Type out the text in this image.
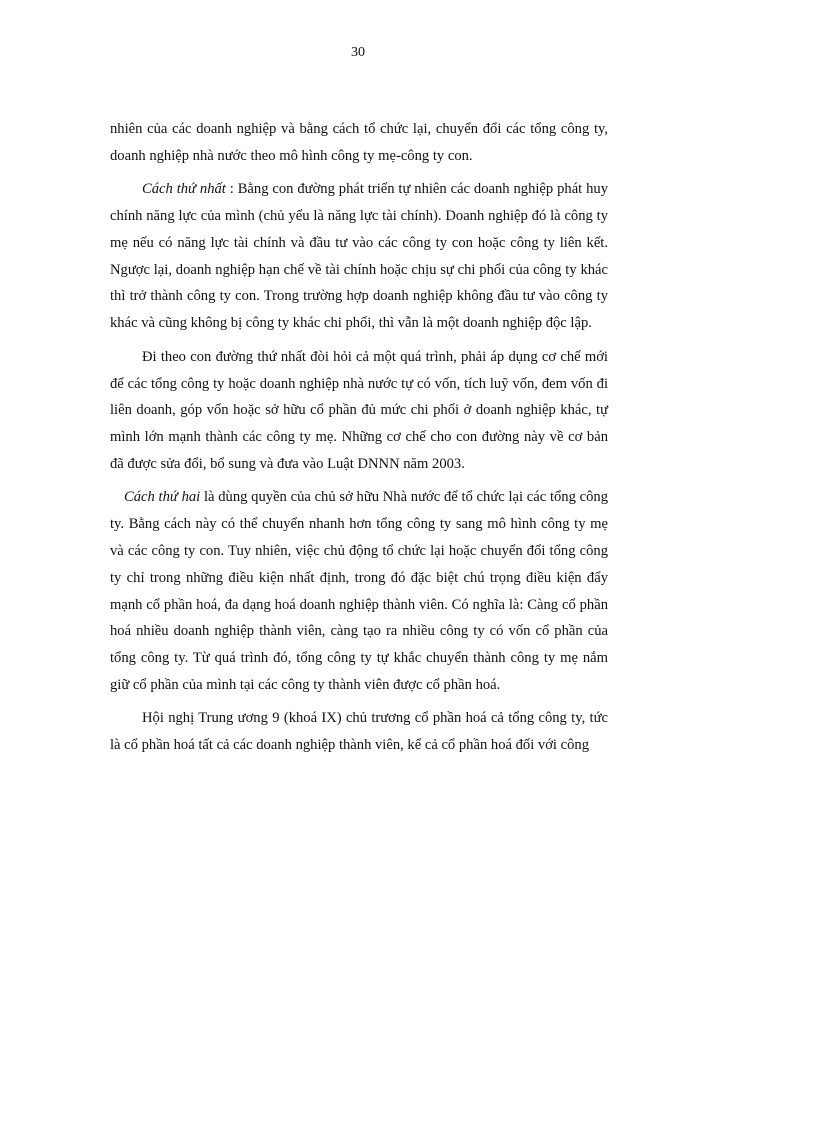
30

nhiên của các doanh nghiệp và bằng cách tổ chức lại, chuyển đổi các tổng công ty, doanh nghiệp nhà nước theo mô hình công ty mẹ-công ty con.

Cách thứ nhất : Bằng con đường phát triển tự nhiên các doanh nghiệp phát huy chính năng lực của mình (chủ yếu là năng lực tài chính). Doanh nghiệp đó là công ty mẹ nếu có năng lực tài chính và đầu tư vào các công ty con hoặc công ty liên kết. Ngược lại, doanh nghiệp hạn chế về tài chính hoặc chịu sự chi phối của công ty khác thì trở thành công ty con. Trong trường hợp doanh nghiệp không đầu tư vào công ty khác và cũng không bị công ty khác chi phối, thì vẫn là một doanh nghiệp độc lập.

Đi theo con đường thứ nhất đòi hỏi cả một quá trình, phải áp dụng cơ chế mới để các tổng công ty hoặc doanh nghiệp nhà nước tự có vốn, tích luỹ vốn, đem vốn đi liên doanh, góp vốn hoặc sở hữu cổ phần đủ mức chi phối ở doanh nghiệp khác, tự mình lớn mạnh thành các công ty mẹ. Những cơ chế cho con đường này về cơ bản đã được sửa đổi, bổ sung và đưa vào Luật DNNN năm 2003.

Cách thứ hai là dùng quyền của chủ sở hữu Nhà nước để tổ chức lại các tổng công ty. Bằng cách này có thể chuyển nhanh hơn tổng công ty sang mô hình công ty mẹ và các công ty con. Tuy nhiên, việc chủ động tổ chức lại hoặc chuyển đổi tổng công ty chỉ trong những điều kiện nhất định, trong đó đặc biệt chú trọng điều kiện đẩy mạnh cổ phần hoá, đa dạng hoá doanh nghiệp thành viên. Có nghĩa là: Càng cổ phần hoá nhiều doanh nghiệp thành viên, càng tạo ra nhiều công ty có vốn cổ phần của tổng công ty. Từ quá trình đó, tổng công ty tự khắc chuyển thành công ty mẹ nắm giữ cổ phần của mình tại các công ty thành viên được cổ phần hoá.

Hội nghị Trung ương 9 (khoá IX) chủ trương cổ phần hoá cả tổng công ty, tức là cổ phần hoá tất cả các doanh nghiệp thành viên, kể cả cổ phần hoá đối với công
